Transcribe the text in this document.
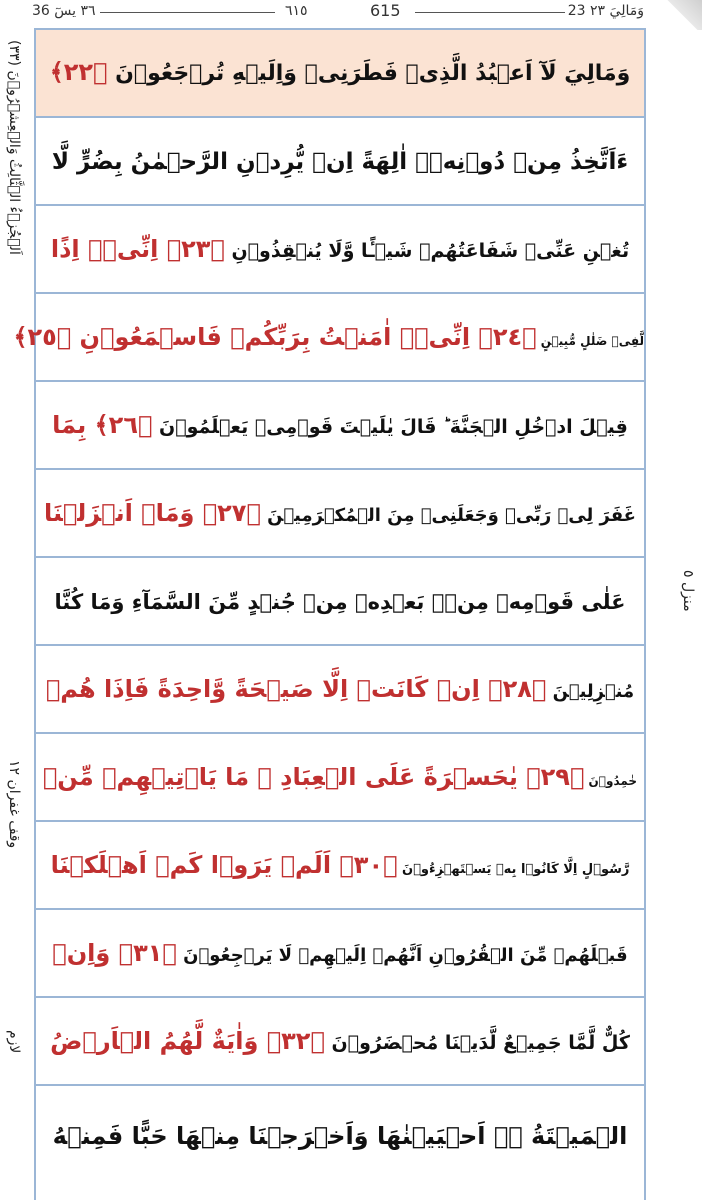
٣٦ يسٓ 36	٦١٥	615	23 وَمَالِيَ ٢٣
وَمَالِيَ لَآ اَعۡبُدُ الَّذِیۡ فَطَرَنِیۡ وَاِلَیۡهِ تُرۡجَعُوۡنَ ﴿٢٢﴾
ءَاَتَّخِذُ مِنۡ دُوۡنِهٖۤ اٰلِهَةً اِنۡ یُّرِدۡنِ الرَّحۡمٰنُ بِضُرٍّ لَّا
تُغۡنِ عَنِّیۡ شَفَاعَتُهُمۡ شَیۡـًٔا وَّلَا یُنۡقِذُوۡنِ ﴿٢٣﴾ اِنِّیۡۤ اِذًا
لَّفِیۡ ضَلٰلٍ مُّبِیۡنٍ ﴿٢٤﴾ اِنِّیۡۤ اٰمَنۡتُ بِرَبِّكُمۡ فَاسۡمَعُوۡنِ ﴿٢٥﴾
قِیۡلَ ادۡخُلِ الۡجَنَّةَ ؕ قَالَ یٰلَیۡتَ قَوۡمِیۡ یَعۡلَمُوۡنَ ﴿٢٦﴾ بِمَا
غَفَرَ لِیۡ رَبِّیۡ وَجَعَلَنِیۡ مِنَ الۡمُكۡرَمِیۡنَ ﴿٢٧﴾ وَمَاۤ اَنۡزَلۡنَا
عَلٰی قَوۡمِهٖ مِنۡۢ بَعۡدِهٖ مِنۡ جُنۡدٍ مِّنَ السَّمَآءِ وَمَا كُنَّا
مُنۡزِلِیۡنَ ﴿٢٨﴾ اِنۡ كَانَتۡ اِلَّا صَیۡحَةً وَّاحِدَةً فَاِذَا هُمۡ
خٰمِدُوۡنَ ﴿٢٩﴾ یٰحَسۡرَةً عَلَی الۡعِبَادِ ۚ مَا یَاۡتِیۡهِمۡ مِّنۡ
رَّسُوۡلٍ اِلَّا كَانُوۡا بِهٖ یَسۡتَهۡزِءُوۡنَ ﴿٣٠﴾ اَلَمۡ یَرَوۡا كَمۡ اَهۡلَكۡنَا
قَبۡلَهُمۡ مِّنَ الۡقُرُوۡنِ اَنَّهُمۡ اِلَیۡهِمۡ لَا یَرۡجِعُوۡنَ ﴿٣١﴾ وَاِنۡ
كُلٌّ لَّمَّا جَمِیۡعٌ لَّدَیۡنَا مُحۡضَرُوۡنَ ﴿٣٢﴾ وَاٰیَةٌ لَّهُمُ الۡاَرۡضُ
الۡمَیۡتَةُ ۖۚ اَحۡیَیۡنٰهَا وَاَخۡرَجۡنَا مِنۡهَا حَبًّا فَمِنۡهُ
(٣٣) اَلۡجُزۡءُ الۡثَّالِثُ وَالۡعِشۡرُوۡنَ
وقف غفران ١٢
لازم
منزل ٥
